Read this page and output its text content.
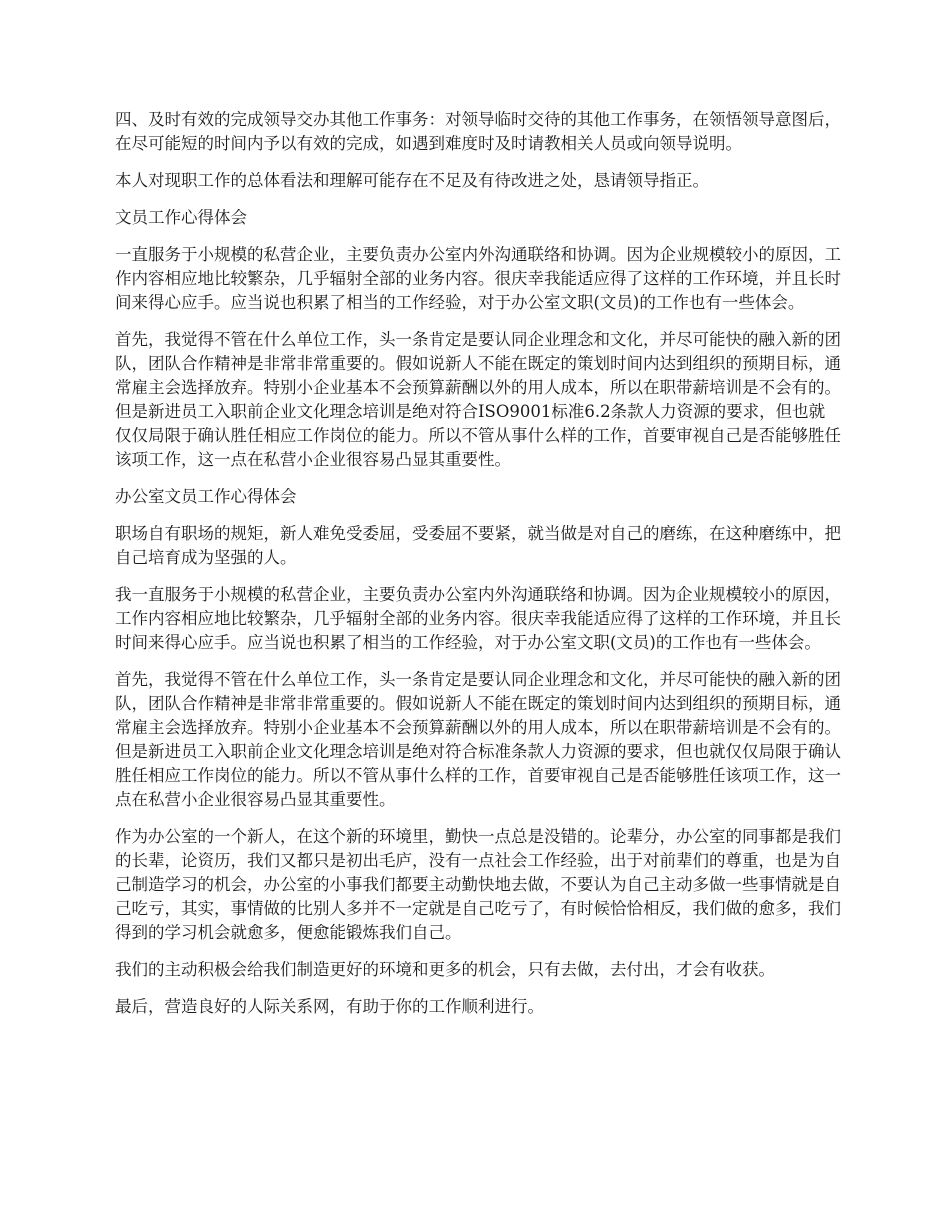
四、及时有效的完成领导交办其他工作事务：对领导临时交待的其他工作事务，在领悟领导意图后，在尽可能短的时间内予以有效的完成，如遇到难度时及时请教相关人员或向领导说明。

本人对现职工作的总体看法和理解可能存在不足及有待改进之处，恳请领导指正。

文员工作心得体会

一直服务于小规模的私营企业，主要负责办公室内外沟通联络和协调。因为企业规模较小的原因，工作内容相应地比较繁杂，几乎辐射全部的业务内容。很庆幸我能适应得了这样的工作环境，并且长时间来得心应手。应当说也积累了相当的工作经验，对于办公室文职(文员)的工作也有一些体会。

首先，我觉得不管在什么单位工作，头一条肯定是要认同企业理念和文化，并尽可能快的融入新的团队，团队合作精神是非常非常重要的。假如说新人不能在既定的策划时间内达到组织的预期目标，通常雇主会选择放弃。特别小企业基本不会预算薪酬以外的用人成本，所以在职带薪培训是不会有的。但是新进员工入职前企业文化理念培训是绝对符合ISO9001标准6.2条款人力资源的要求，但也就仅仅局限于确认胜任相应工作岗位的能力。所以不管从事什么样的工作，首要审视自己是否能够胜任该项工作，这一点在私营小企业很容易凸显其重要性。

办公室文员工作心得体会

职场自有职场的规矩，新人难免受委屈，受委屈不要紧，就当做是对自己的磨练，在这种磨练中，把自己培育成为坚强的人。

我一直服务于小规模的私营企业，主要负责办公室内外沟通联络和协调。因为企业规模较小的原因，工作内容相应地比较繁杂，几乎辐射全部的业务内容。很庆幸我能适应得了这样的工作环境，并且长时间来得心应手。应当说也积累了相当的工作经验，对于办公室文职(文员)的工作也有一些体会。

首先，我觉得不管在什么单位工作，头一条肯定是要认同企业理念和文化，并尽可能快的融入新的团队，团队合作精神是非常非常重要的。假如说新人不能在既定的策划时间内达到组织的预期目标，通常雇主会选择放弃。特别小企业基本不会预算薪酬以外的用人成本，所以在职带薪培训是不会有的。但是新进员工入职前企业文化理念培训是绝对符合标准条款人力资源的要求，但也就仅仅局限于确认胜任相应工作岗位的能力。所以不管从事什么样的工作，首要审视自己是否能够胜任该项工作，这一点在私营小企业很容易凸显其重要性。

作为办公室的一个新人，在这个新的环境里，勤快一点总是没错的。论辈分，办公室的同事都是我们的长辈，论资历，我们又都只是初出毛庐，没有一点社会工作经验，出于对前辈们的尊重，也是为自己制造学习的机会，办公室的小事我们都要主动勤快地去做，不要认为自己主动多做一些事情就是自己吃亏，其实，事情做的比别人多并不一定就是自己吃亏了，有时候恰恰相反，我们做的愈多，我们得到的学习机会就愈多，便愈能锻炼我们自己。

我们的主动积极会给我们制造更好的环境和更多的机会，只有去做，去付出，才会有收获。

最后，营造良好的人际关系网，有助于你的工作顺利进行。
